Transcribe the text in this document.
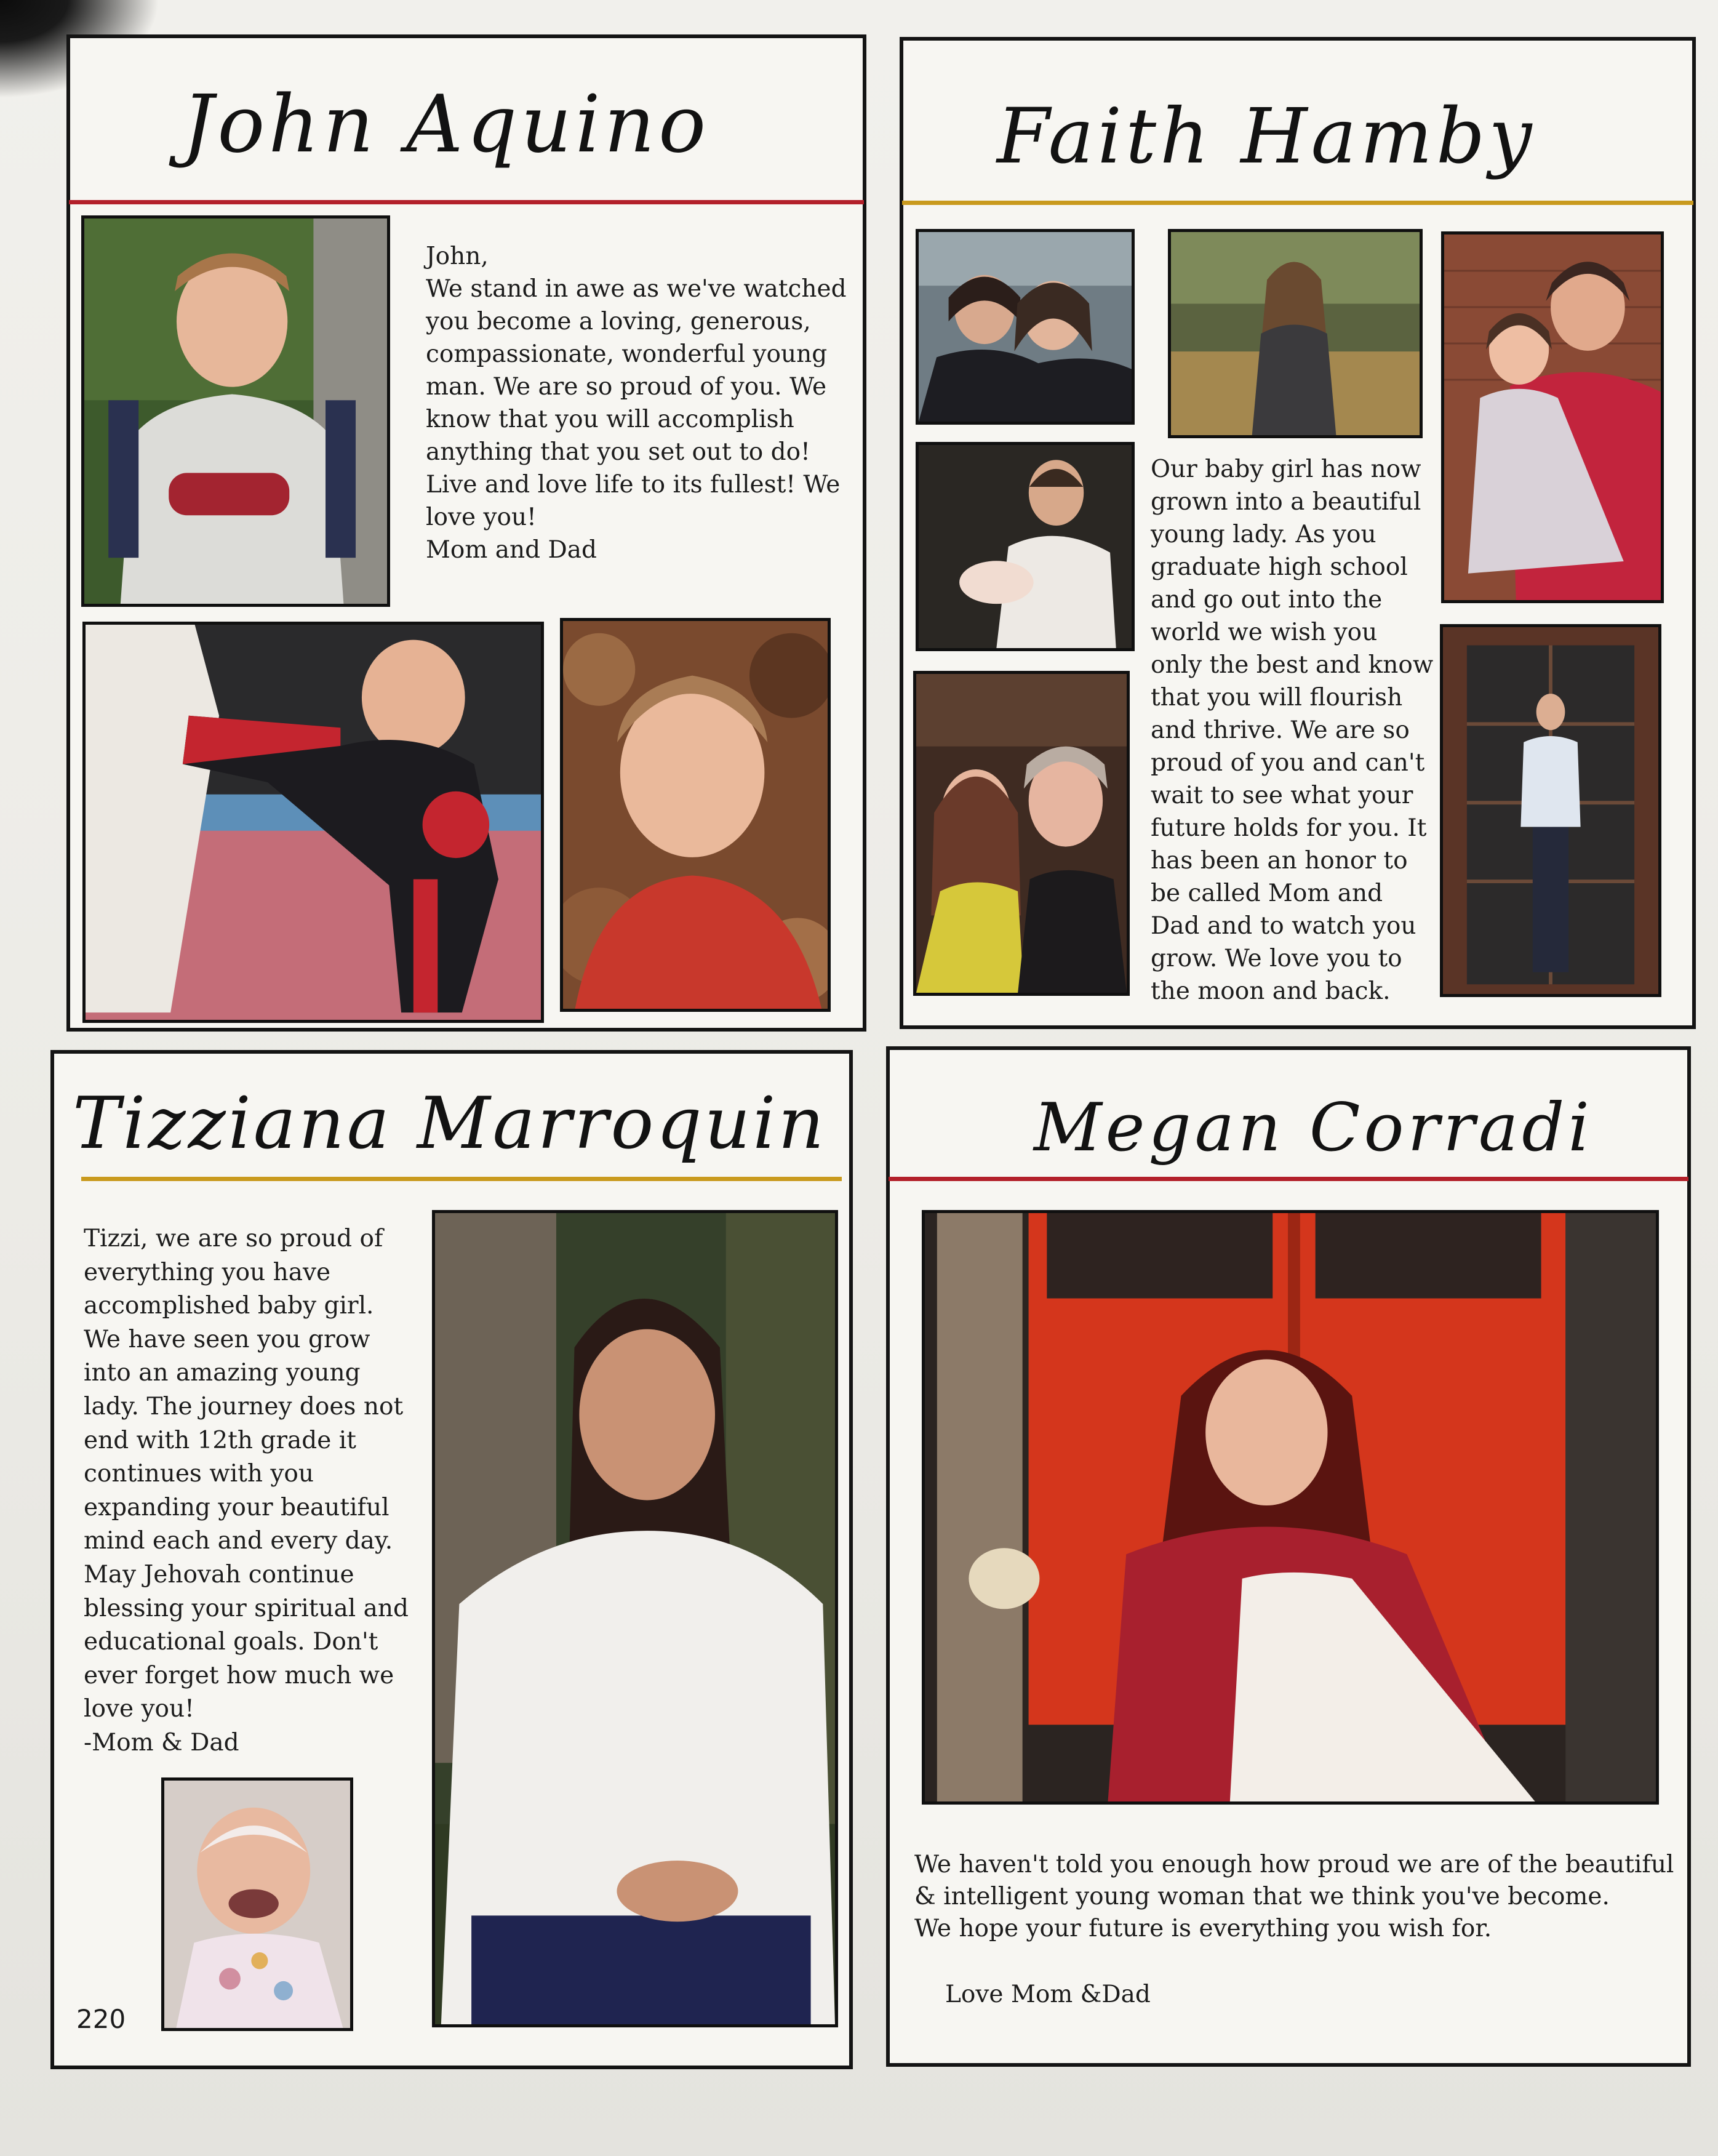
John Aquino
John,
We stand in awe as we've watched
you become a loving, generous,
compassionate, wonderful young
man. We are so proud of you. We
know that you will accomplish
anything that you set out to do!
Live and love life to its fullest! We
love you!
Mom and Dad
Faith Hamby
Our baby girl has now
grown into a beautiful
young lady. As you
graduate high school
and go out into the
world we wish you
only the best and know
that you will flourish
and thrive. We are so
proud of you and can't
wait to see what your
future holds for you. It
has been an honor to
be called Mom and
Dad and to watch you
grow. We love you to
the moon and back.
Tizziana Marroquin
Tizzi, we are so proud of
everything you have
accomplished baby girl.
We have seen you grow
into an amazing young
lady. The journey does not
end with 12th grade it
continues with you
expanding your beautiful
mind each and every day.
May Jehovah continue
blessing your spiritual and
educational goals. Don't
ever forget how much we
love you!
-Mom & Dad
220
Megan Corradi
We haven't told you enough how proud we are of the beautiful
& intelligent young woman that we think you've become.
We hope your future is everything you wish for.
Love Mom &Dad
